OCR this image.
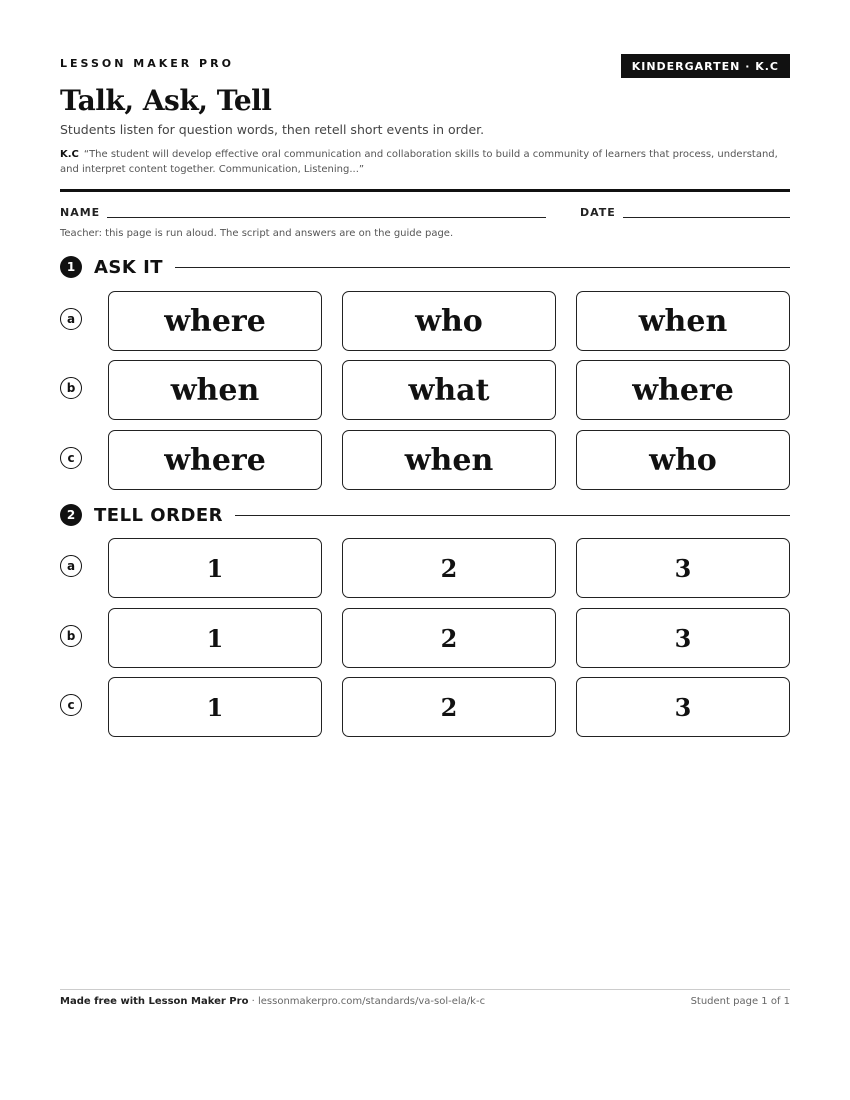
LESSON MAKER PRO	KINDERGARTEN · K.C
Talk, Ask, Tell
Students listen for question words, then retell short events in order.
K.C “The student will develop effective oral communication and collaboration skills to build a community of learners that process, understand, and interpret content together. Communication, Listening...”
NAME	DATE
Teacher: this page is run aloud. The script and answers are on the guide page.
1	ASK IT
a	where	who	when
b	when	what	where
c	where	when	who
2	TELL ORDER
a	1	2	3
b	1	2	3
c	1	2	3
Made free with Lesson Maker Pro · lessonmakerpro.com/standards/va-sol-ela/k-c	Student page 1 of 1
